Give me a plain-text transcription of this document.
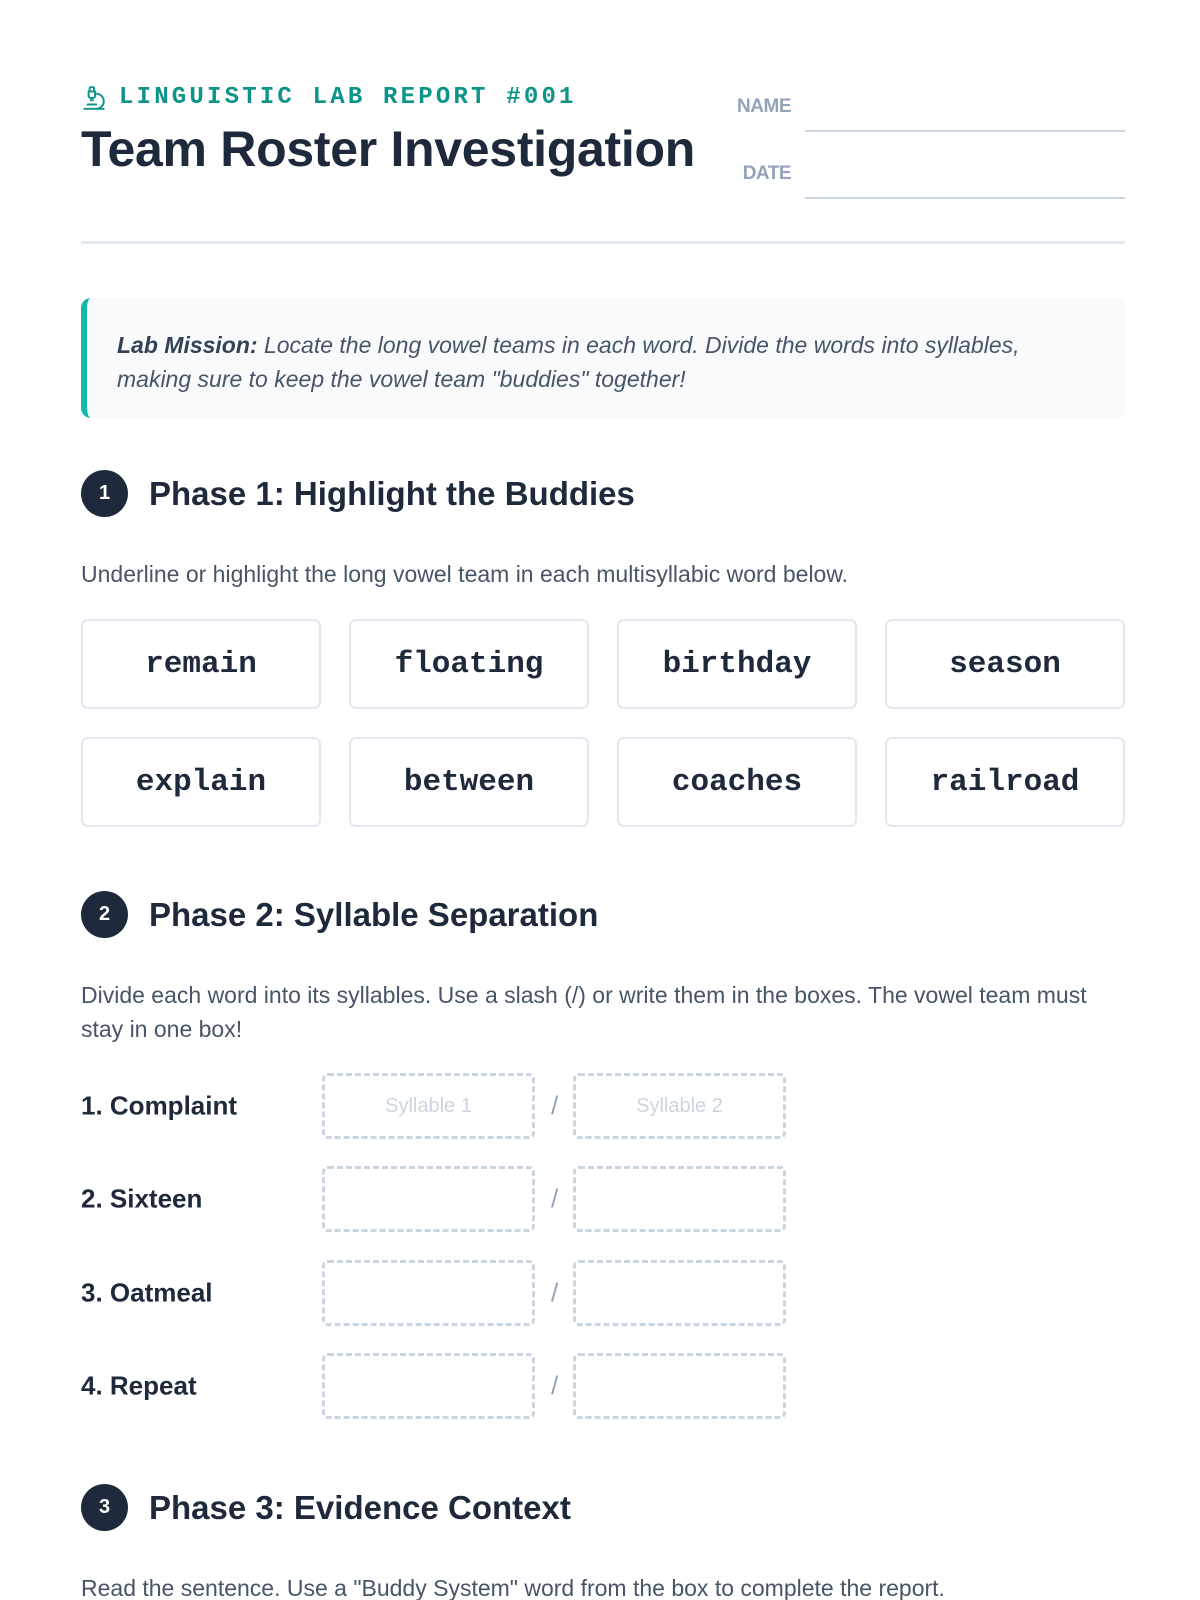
LINGUISTIC LAB REPORT #001
Team Roster Investigation
NAME
DATE
Lab Mission: Locate the long vowel teams in each word. Divide the words into syllables, making sure to keep the vowel team "buddies" together!
1	Phase 1: Highlight the Buddies

Underline or highlight the long vowel team in each multisyllabic word below.

remain	floating	birthday	season
explain	between	coaches	railroad
2	Phase 2: Syllable Separation

Divide each word into its syllables. Use a slash (/) or write them in the boxes. The vowel team must stay in one box!

1. Complaint	Syllable 1	/	Syllable 2
2. Sixteen	/
3. Oatmeal	/
4. Repeat	/
3	Phase 3: Evidence Context

Read the sentence. Use a "Buddy System" word from the box to complete the report.
